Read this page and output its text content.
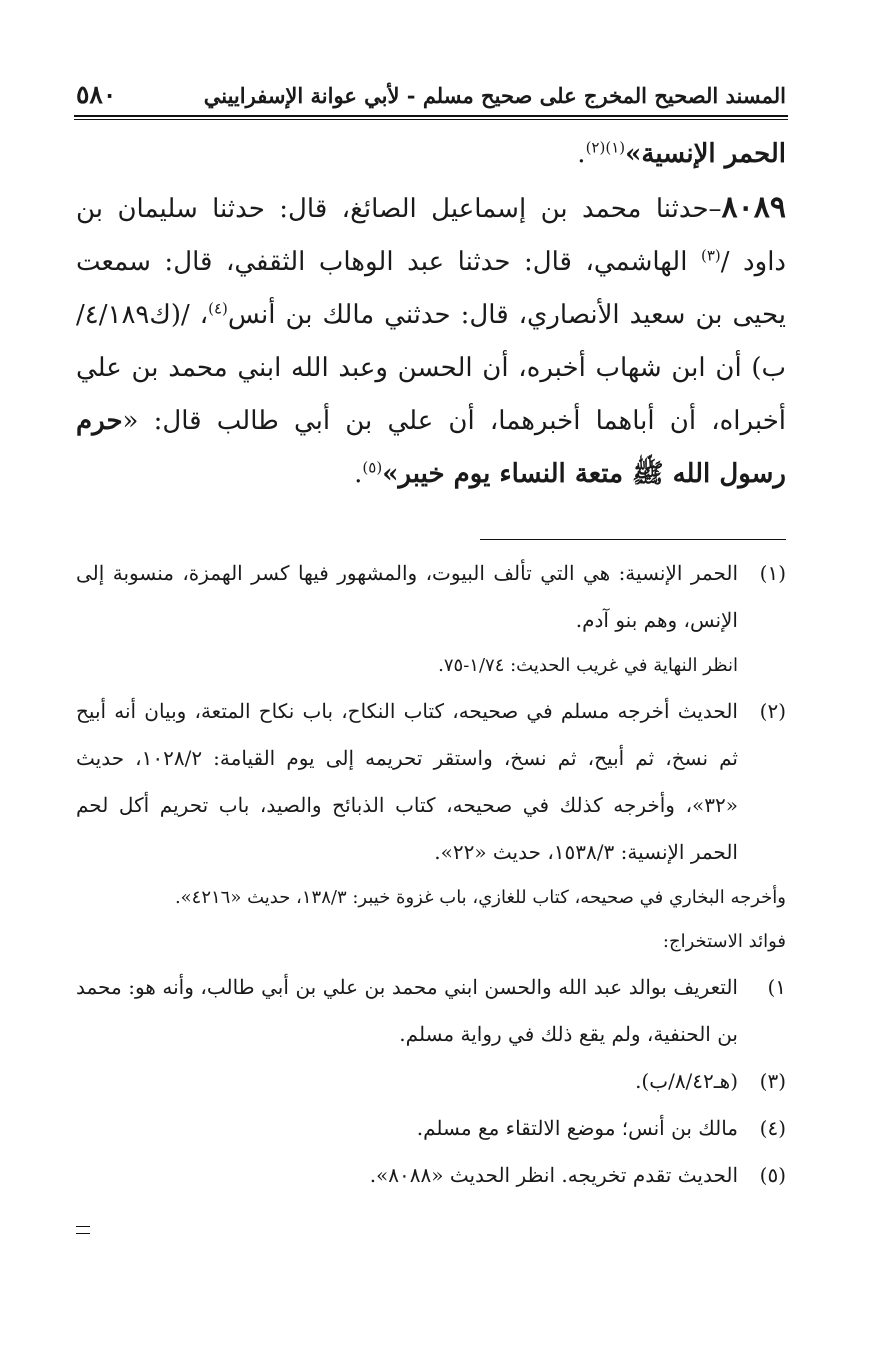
٥٨٠	المسند الصحيح المخرج على صحيح مسلم - لأبي عوانة الإسفراييني

الحمر الإنسية»$^{(١)(٢)}$.

٨٠٨٩–حدثنا محمد بن إسماعيل الصائغ، قال: حدثنا سليمان بن داود /$^{(٣)}$ الهاشمي، قال: حدثنا عبد الوهاب الثقفي، قال: سمعت يحيى بن سعيد الأنصاري، قال: حدثني مالك بن أنس$^{(٤)}$، /(ك٤/١٨٩/ب) أن ابن شهاب أخبره، أن الحسن وعبد الله ابني محمد بن علي أخبراه، أن أباهما أخبرهما، أن علي بن أبي طالب قال: «حرم رسول الله ﷺ متعة النساء يوم خيبر»$^{(٥)}$.

(١)
الحمر الإنسية: هي التي تألف البيوت، والمشهور فيها كسر الهمزة، منسوبة إلى الإنس، وهم بنو آدم.

انظر النهاية في غريب الحديث: ١/٧٤-٧٥.

(٢)
الحديث أخرجه مسلم في صحيحه، كتاب النكاح، باب نكاح المتعة، وبيان أنه أبيح ثم نسخ، ثم أبيح، ثم نسخ، واستقر تحريمه إلى يوم القيامة: ١٠٢٨/٢، حديث «٣٢»، وأخرجه كذلك في صحيحه، كتاب الذبائح والصيد، باب تحريم أكل لحم الحمر الإنسية: ١٥٣٨/٣، حديث «٢٢».

وأخرجه البخاري في صحيحه، كتاب للغازي، باب غزوة خيبر: ١٣٨/٣، حديث «٤٢١٦».

فوائد الاستخراج:

١)
التعريف بوالد عبد الله والحسن ابني محمد بن علي بن أبي طالب، وأنه هو: محمد بن الحنفية، ولم يقع ذلك في رواية مسلم.
(٣)
(هـ٨/٤٢/ب).
(٤)
مالك بن أنس؛ موضع الالتقاء مع مسلم.
(٥)
الحديث تقدم تخريجه. انظر الحديث «٨٠٨٨».
